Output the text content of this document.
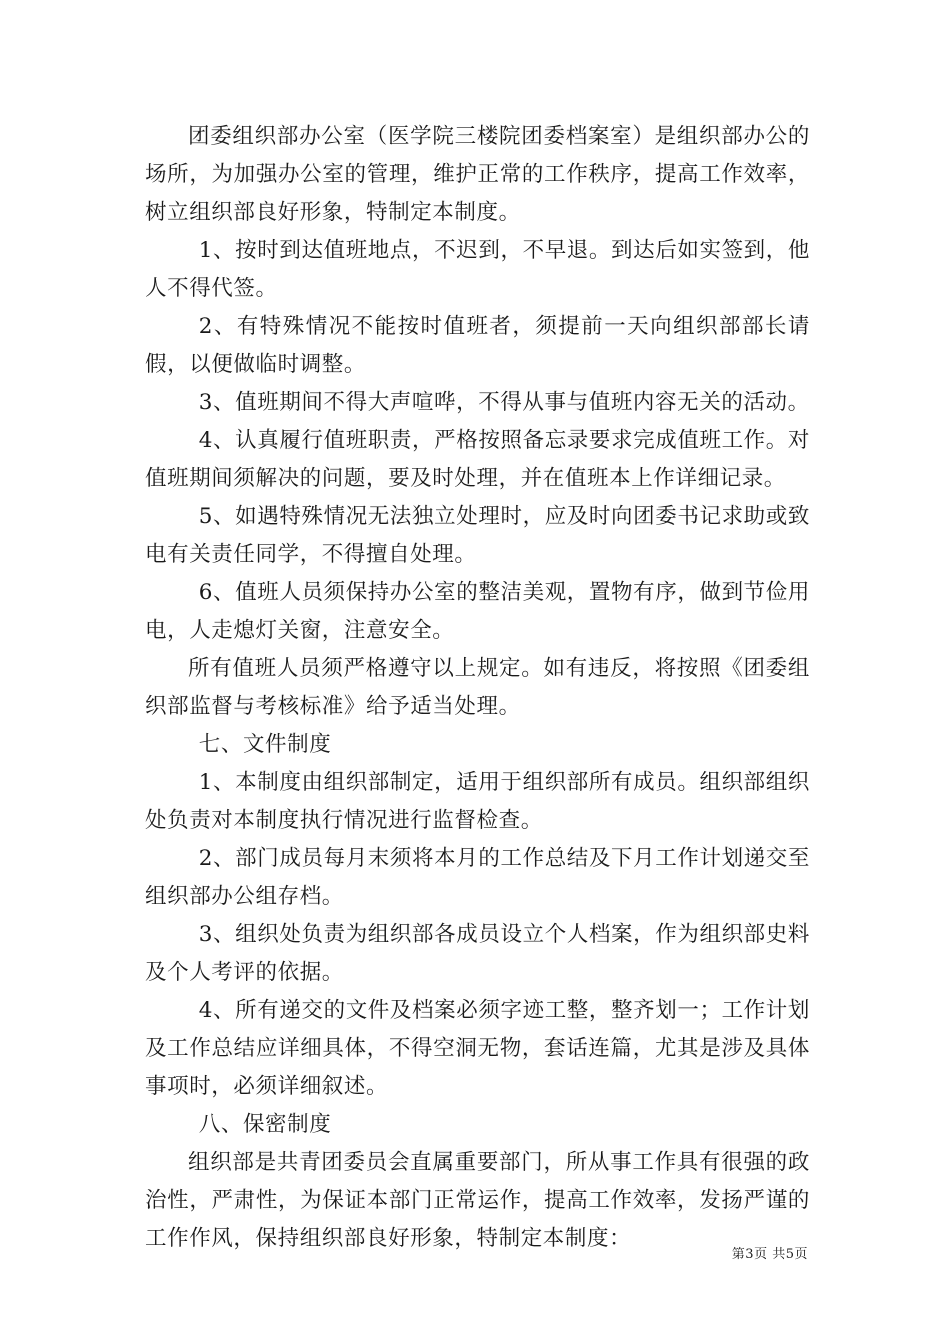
团委组织部办公室（医学院三楼院团委档案室）是组织部办公的场所，为加强办公室的管理，维护正常的工作秩序，提高工作效率，树立组织部良好形象，特制定本制度。

1、按时到达值班地点，不迟到，不早退。到达后如实签到，他人不得代签。

2、有特殊情况不能按时值班者，须提前一天向组织部部长请假，以便做临时调整。

3、值班期间不得大声喧哗，不得从事与值班内容无关的活动。

4、认真履行值班职责，严格按照备忘录要求完成值班工作。对值班期间须解决的问题，要及时处理，并在值班本上作详细记录。

5、如遇特殊情况无法独立处理时，应及时向团委书记求助或致电有关责任同学，不得擅自处理。

6、值班人员须保持办公室的整洁美观，置物有序，做到节俭用电，人走熄灯关窗，注意安全。

所有值班人员须严格遵守以上规定。如有违反，将按照《团委组织部监督与考核标准》给予适当处理。

七、文件制度

1、本制度由组织部制定，适用于组织部所有成员。组织部组织处负责对本制度执行情况进行监督检查。

2、部门成员每月末须将本月的工作总结及下月工作计划递交至组织部办公组存档。

3、组织处负责为组织部各成员设立个人档案，作为组织部史料及个人考评的依据。

4、所有递交的文件及档案必须字迹工整，整齐划一；工作计划及工作总结应详细具体，不得空洞无物，套话连篇，尤其是涉及具体事项时，必须详细叙述。

八、保密制度

组织部是共青团委员会直属重要部门，所从事工作具有很强的政治性，严肃性，为保证本部门正常运作，提高工作效率，发扬严谨的工作作风，保持组织部良好形象，特制定本制度：

第3页 共5页
